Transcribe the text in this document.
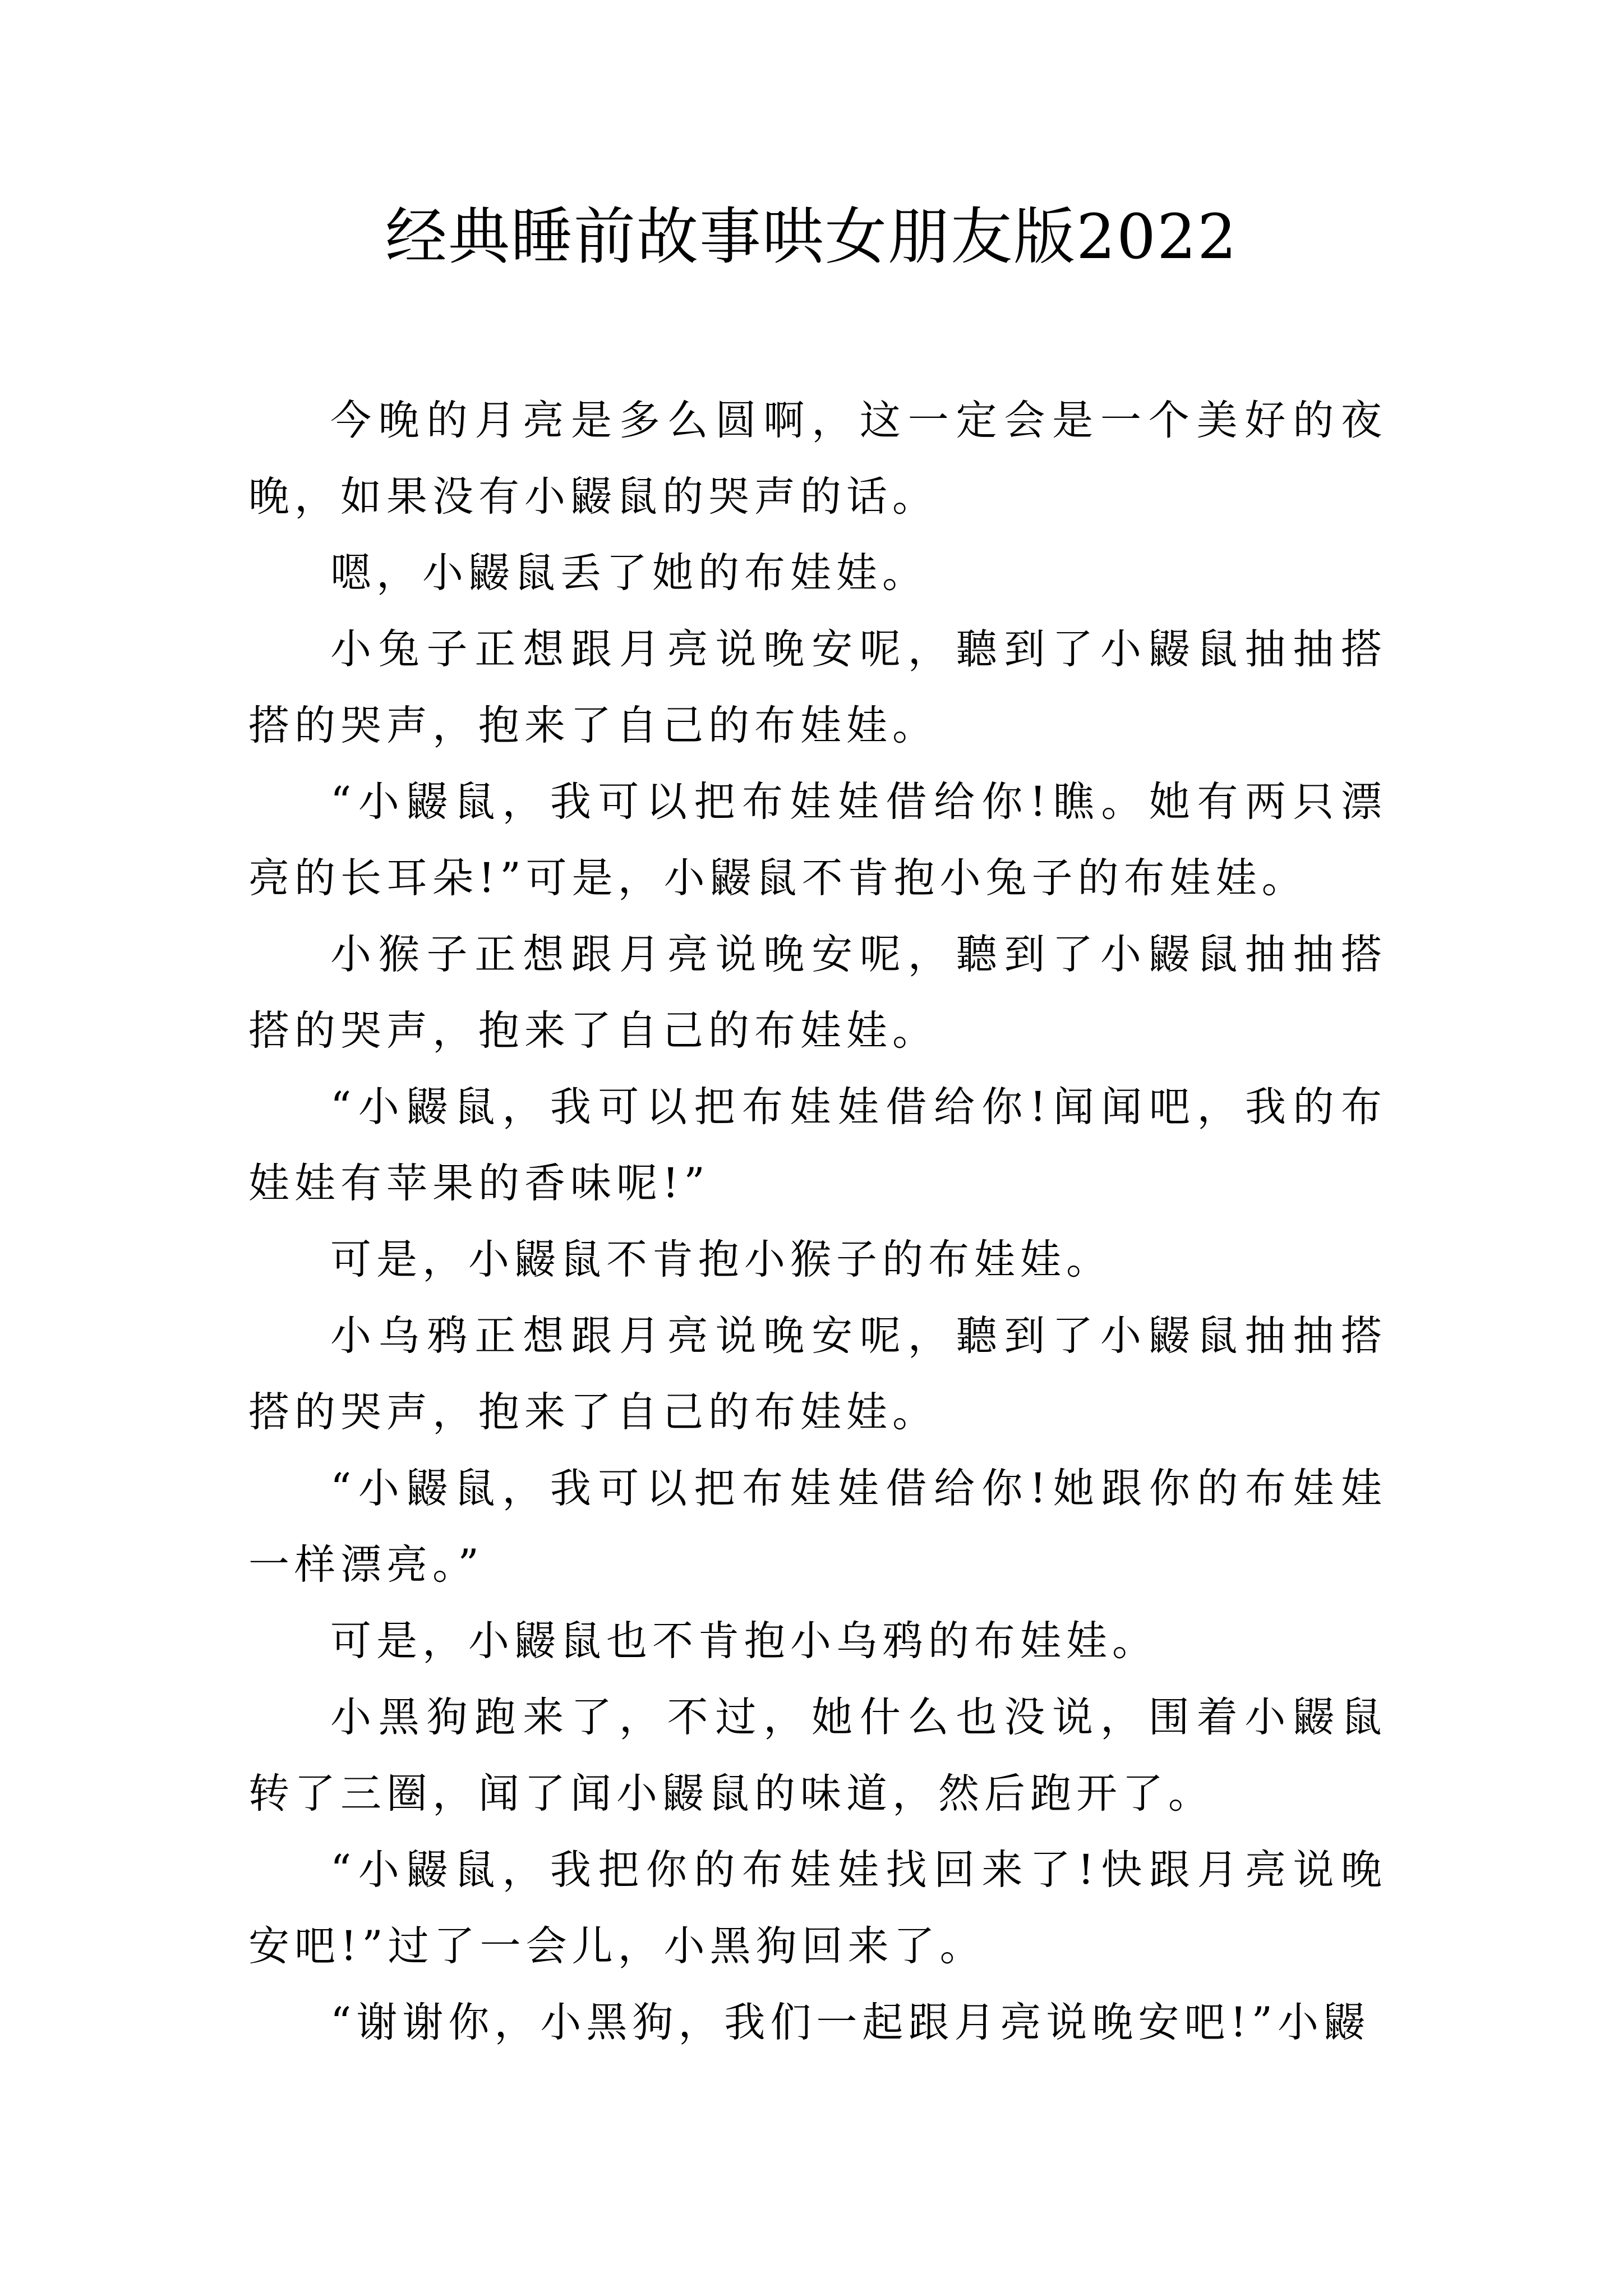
经典睡前故事哄女朋友版2022

今晚的月亮是多么圆啊，这一定会是一个美好的夜晚，如果没有小鼹鼠的哭声的话。

嗯，小鼹鼠丢了她的布娃娃。

小兔子正想跟月亮说晚安呢，聽到了小鼹鼠抽抽搭搭的哭声，抱来了自己的布娃娃。

“小鼹鼠，我可以把布娃娃借给你!瞧。她有两只漂亮的长耳朵!”可是，小鼹鼠不肯抱小兔子的布娃娃。

小猴子正想跟月亮说晚安呢，聽到了小鼹鼠抽抽搭搭的哭声，抱来了自己的布娃娃。

“小鼹鼠，我可以把布娃娃借给你!闻闻吧，我的布娃娃有苹果的香味呢!”

可是，小鼹鼠不肯抱小猴子的布娃娃。

小乌鸦正想跟月亮说晚安呢，聽到了小鼹鼠抽抽搭搭的哭声，抱来了自己的布娃娃。

“小鼹鼠，我可以把布娃娃借给你!她跟你的布娃娃一样漂亮。”

可是，小鼹鼠也不肯抱小乌鸦的布娃娃。

小黑狗跑来了，不过，她什么也没说，围着小鼹鼠转了三圈，闻了闻小鼹鼠的味道，然后跑开了。

“小鼹鼠，我把你的布娃娃找回来了!快跟月亮说晚安吧!”过了一会儿，小黑狗回来了。

“谢谢你，小黑狗，我们一起跟月亮说晚安吧!”小鼹
